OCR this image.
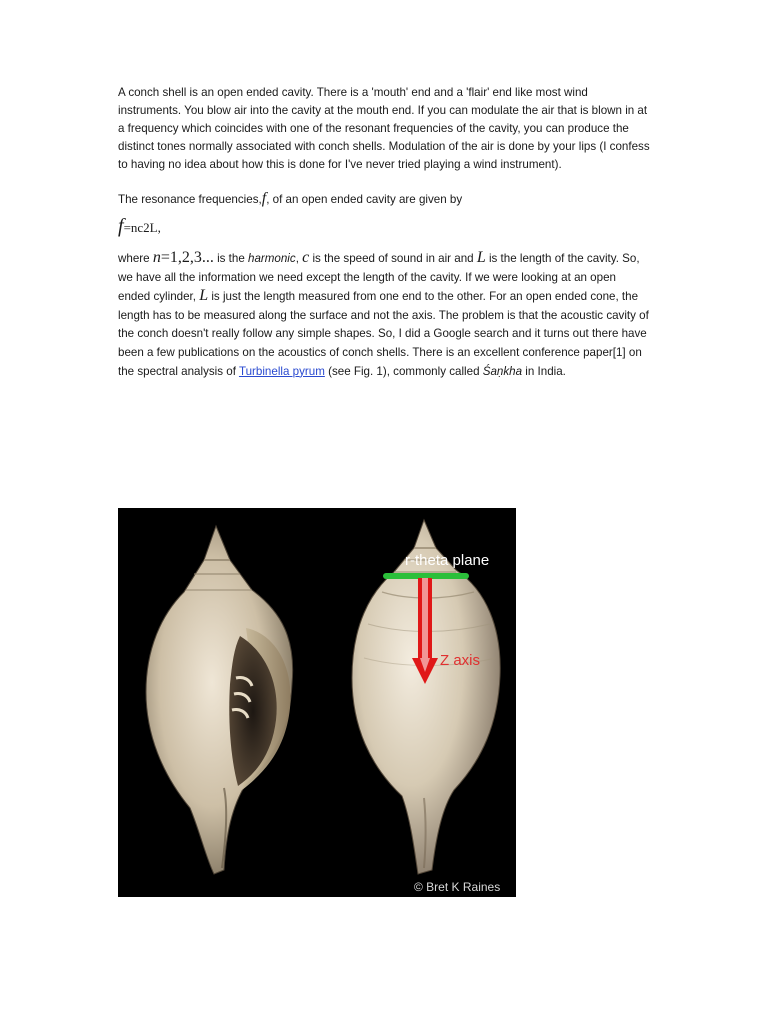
A conch shell is an open ended cavity. There is a 'mouth' end and a 'flair' end like most wind instruments. You blow air into the cavity at the mouth end. If you can modulate the air that is blown in at a frequency which coincides with one of the resonant frequencies of the cavity, you can produce the distinct tones normally associated with conch shells. Modulation of the air is done by your lips (I confess to having no idea about how this is done for I've never tried playing a wind instrument).

The resonance frequencies,f, of an open ended cavity are given by

f=nc2L,

where n=1,2,3... is the harmonic, c is the speed of sound in air and L is the length of the cavity. So, we have all the information we need except the length of the cavity. If we were looking at an open ended cylinder, L is just the length measured from one end to the other. For an open ended cone, the length has to be measured along the surface and not the axis. The problem is that the acoustic cavity of the conch doesn't really follow any simple shapes. So, I did a Google search and it turns out there have been a few publications on the acoustics of conch shells. There is an excellent conference paper[1] on the spectral analysis of Turbinella pyrum (see Fig. 1), commonly called Śaṇkha in India.

r-theta plane
Z axis
© Bret K Raines
